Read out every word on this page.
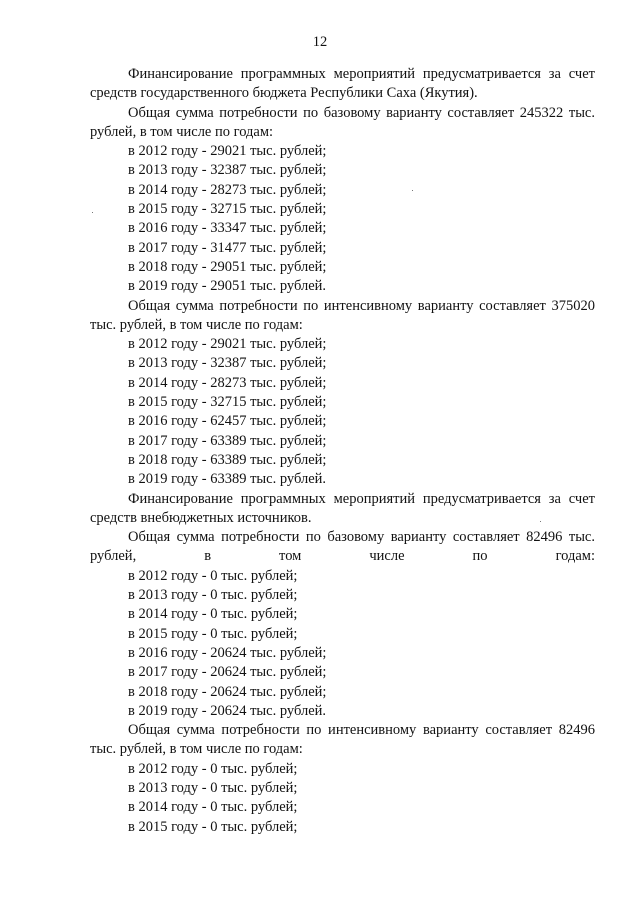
12

Финансирование программных мероприятий предусматривается за счет средств государственного бюджета Республики Саха (Якутия).

Общая сумма потребности по базовому варианту составляет 245322 тыс. рублей, в том числе по годам:

в 2012 году - 29021 тыс. рублей;
в 2013 году - 32387 тыс. рублей;
в 2014 году - 28273 тыс. рублей;
в 2015 году - 32715 тыс. рублей;
в 2016 году - 33347 тыс. рублей;
в 2017 году - 31477 тыс. рублей;
в 2018 году - 29051 тыс. рублей;
в 2019 году - 29051 тыс. рублей.

Общая сумма потребности по интенсивному варианту составляет 375020 тыс. рублей, в том числе по годам:

в 2012 году - 29021 тыс. рублей;
в 2013 году - 32387 тыс. рублей;
в 2014 году - 28273 тыс. рублей;
в 2015 году - 32715 тыс. рублей;
в 2016 году - 62457 тыс. рублей;
в 2017 году - 63389 тыс. рублей;
в 2018 году - 63389 тыс. рублей;
в 2019 году - 63389 тыс. рублей.

Финансирование программных мероприятий предусматривается за счет средств внебюджетных источников.

Общая сумма потребности по базовому варианту составляет 82496 тыс. рублей, в том числе по годам:

в 2012 году - 0 тыс. рублей;
в 2013 году - 0 тыс. рублей;
в 2014 году - 0 тыс. рублей;
в 2015 году - 0 тыс. рублей;
в 2016 году - 20624 тыс. рублей;
в 2017 году - 20624 тыс. рублей;
в 2018 году - 20624 тыс. рублей;
в 2019 году - 20624 тыс. рублей.

Общая сумма потребности по интенсивному варианту составляет 82496 тыс. рублей, в том числе по годам:

в 2012 году - 0 тыс. рублей;
в 2013 году - 0 тыс. рублей;
в 2014 году - 0 тыс. рублей;
в 2015 году - 0 тыс. рублей;
